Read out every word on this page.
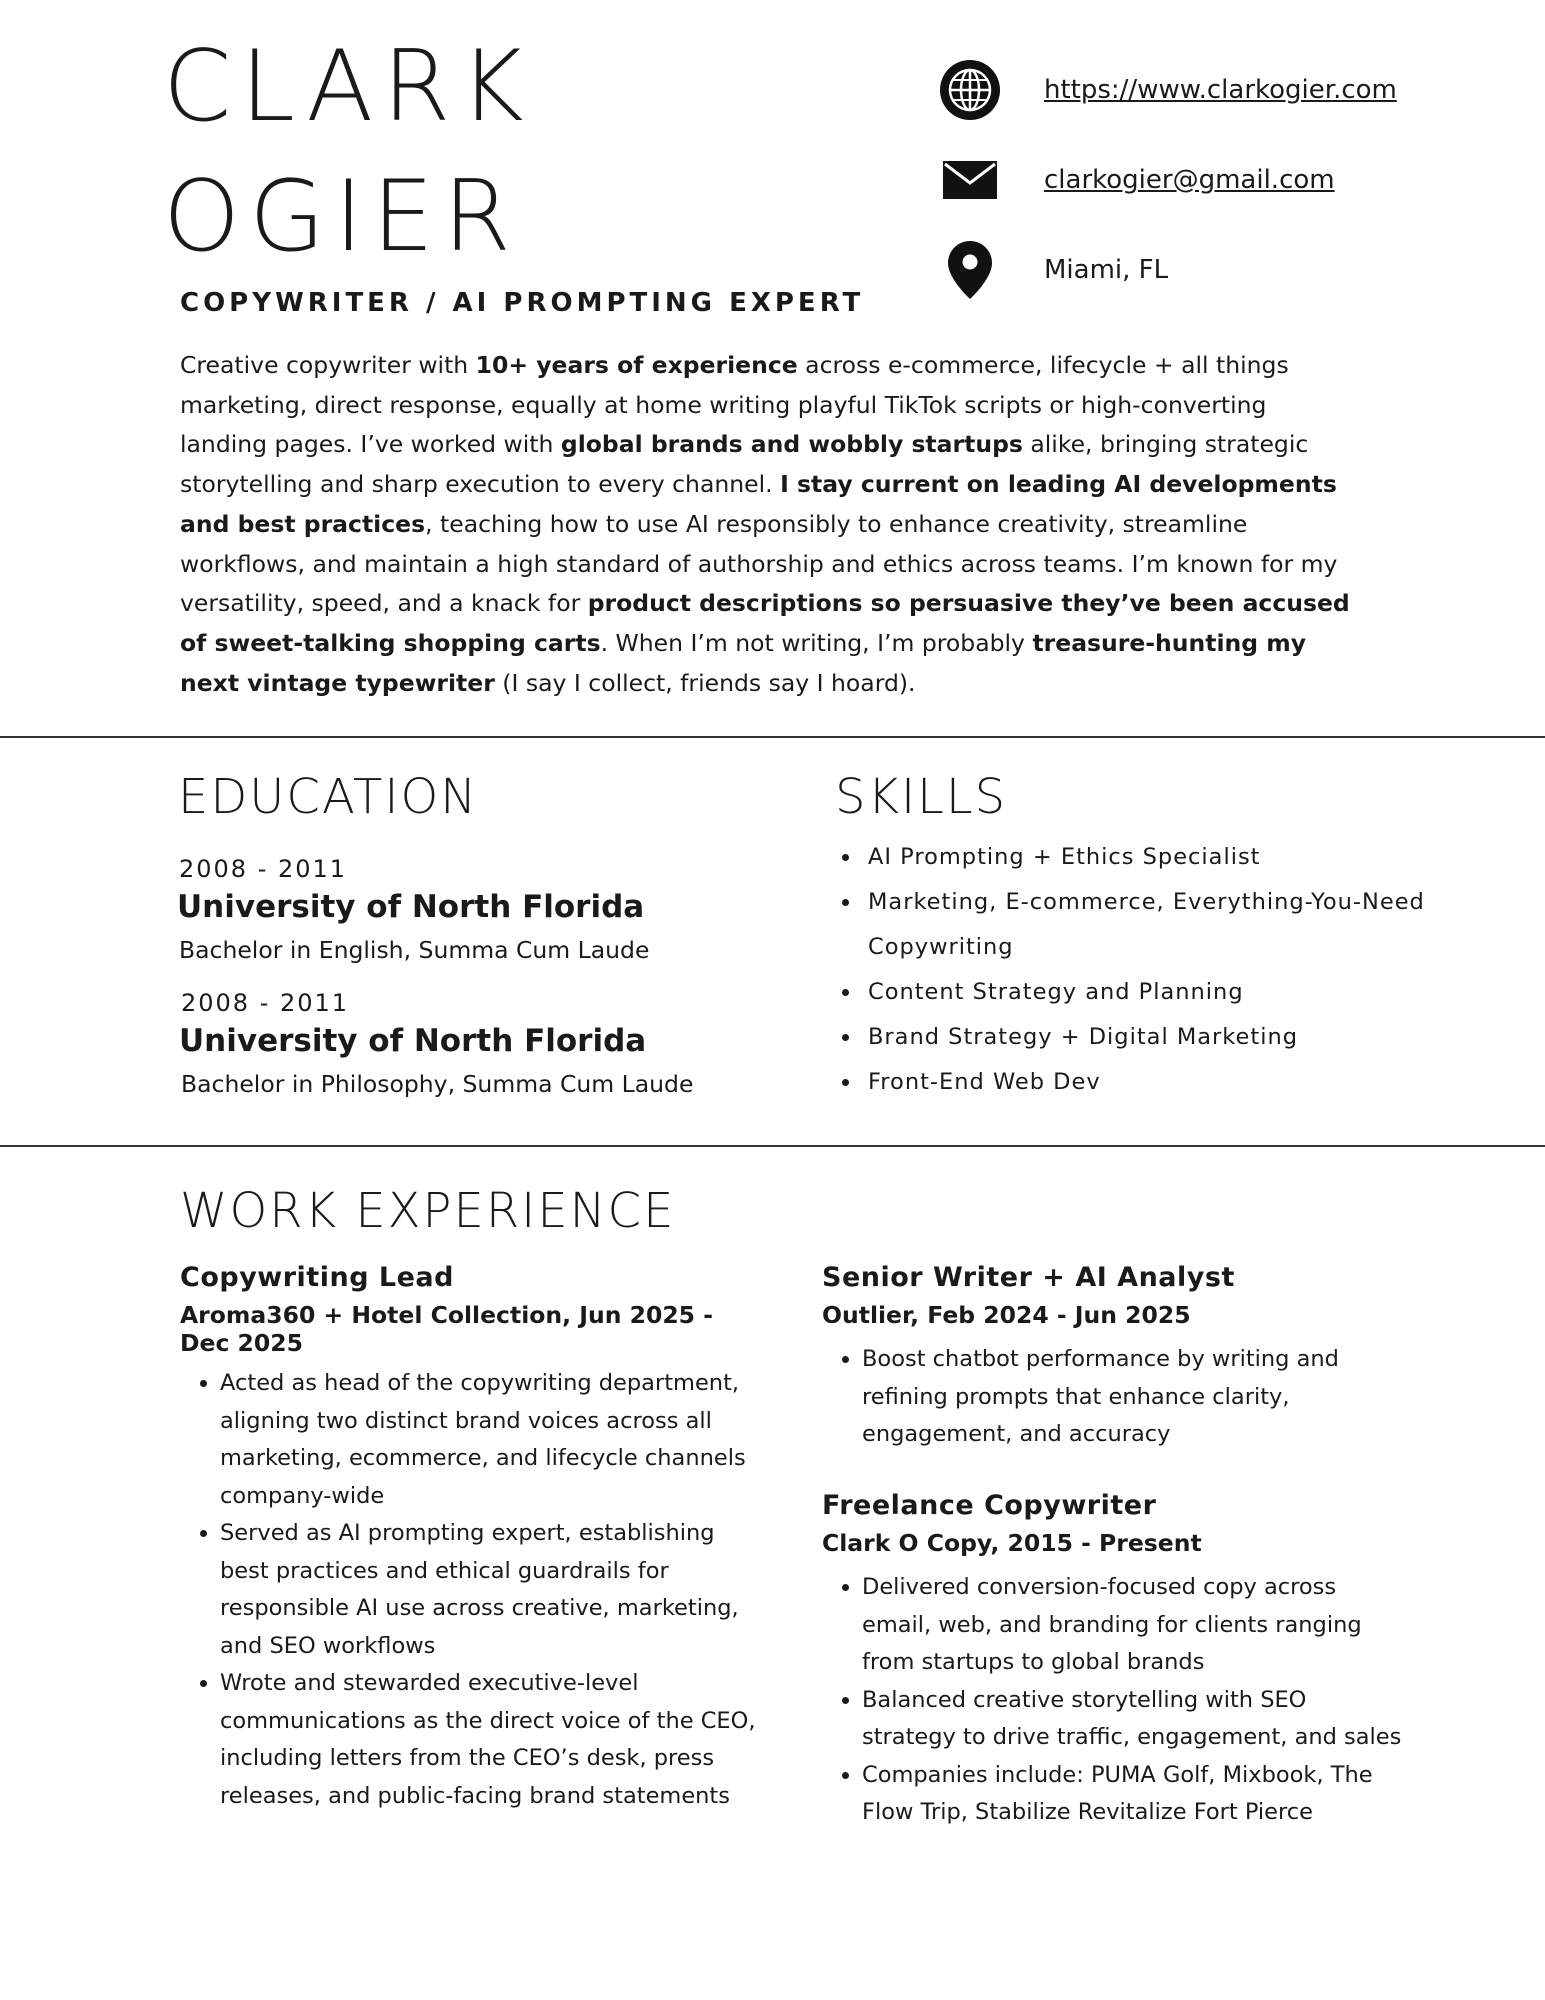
CLARK
OGIER
COPYWRITER / AI PROMPTING EXPERT
https://www.clarkogier.com
clarkogier@gmail.com
Miami, FL
Creative copywriter with 10+ years of experience across e-commerce, lifecycle + all things marketing, direct response, equally at home writing playful TikTok scripts or high-converting landing pages. I’ve worked with global brands and wobbly startups alike, bringing strategic storytelling and sharp execution to every channel. I stay current on leading AI developments and best practices, teaching how to use AI responsibly to enhance creativity, streamline workflows, and maintain a high standard of authorship and ethics across teams. I’m known for my versatility, speed, and a knack for product descriptions so persuasive they’ve been accused of sweet-talking shopping carts. When I’m not writing, I’m probably treasure-hunting my next vintage typewriter (I say I collect, friends say I hoard).
EDUCATION
2008 - 2011
University of North Florida
Bachelor in English, Summa Cum Laude
2008 - 2011
University of North Florida
Bachelor in Philosophy, Summa Cum Laude
SKILLS
• AI Prompting + Ethics Specialist
• Marketing, E-commerce, Everything-You-Need Copywriting
• Content Strategy and Planning
• Brand Strategy + Digital Marketing
• Front-End Web Dev
WORK EXPERIENCE
Copywriting Lead
Aroma360 + Hotel Collection, Jun 2025 - Dec 2025
• Acted as head of the copywriting department, aligning two distinct brand voices across all marketing, ecommerce, and lifecycle channels company-wide
• Served as AI prompting expert, establishing best practices and ethical guardrails for responsible AI use across creative, marketing, and SEO workflows
• Wrote and stewarded executive-level communications as the direct voice of the CEO, including letters from the CEO’s desk, press releases, and public-facing brand statements
Senior Writer + AI Analyst
Outlier, Feb 2024 - Jun 2025
• Boost chatbot performance by writing and refining prompts that enhance clarity, engagement, and accuracy
Freelance Copywriter
Clark O Copy, 2015 - Present
• Delivered conversion-focused copy across email, web, and branding for clients ranging from startups to global brands
• Balanced creative storytelling with SEO strategy to drive traffic, engagement, and sales
• Companies include: PUMA Golf, Mixbook, The Flow Trip, Stabilize Revitalize Fort Pierce
